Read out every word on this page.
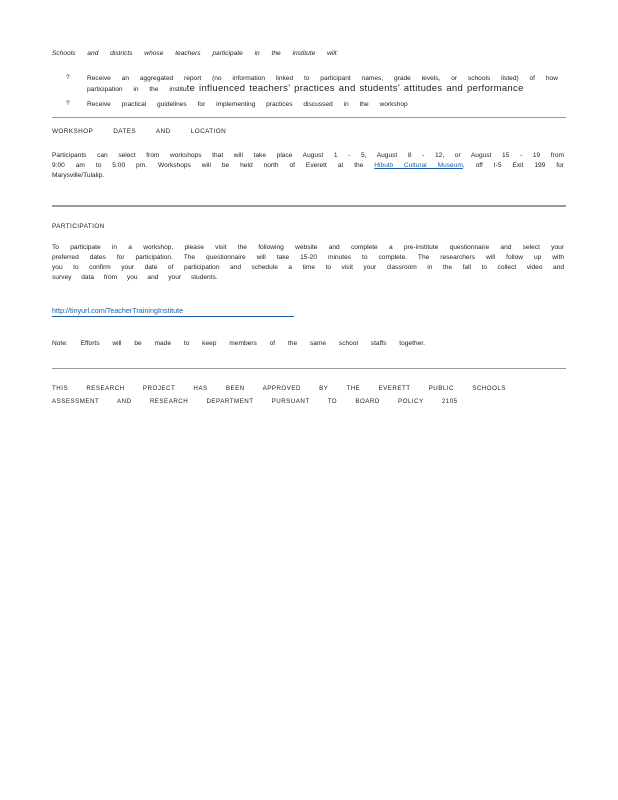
Schools and districts whose teachers participate in the institute will:
?	Receive an aggregated report (no information linked to participant names, grade levels, or schools listed) of how participation in the institute influenced teachers’ practices and students’ attitudes and performance
?	Receive practical guidelines for implementing practices discussed in the workshop
WORKSHOP DATES AND LOCATION
Participants can select from workshops that will take place August 1 - 5, August 8 - 12, or August 15 - 19 from 9:00 am to 5:00 pm. Workshops will be held north of Everett at the Hibulb Cultural Museum, off I-5 Exit 199 for Marysville/Tulalip.
PARTICIPATION
To participate in a workshop, please visit the following website and complete a pre-institute questionnaire and select your preferred dates for participation. The questionnaire will take 15-20 minutes to complete. The researchers will follow up with you to confirm your date of participation and schedule a time to visit your classroom in the fall to collect video and survey data from you and your students.
http://tinyurl.com/TeacherTrainingInstitute
Note: Efforts will be made to keep members of the same school staffs together.
THIS RESEARCH PROJECT HAS BEEN APPROVED BY THE EVERETT PUBLIC SCHOOLS
ASSESSMENT AND RESEARCH DEPARTMENT PURSUANT TO BOARD POLICY 2105
